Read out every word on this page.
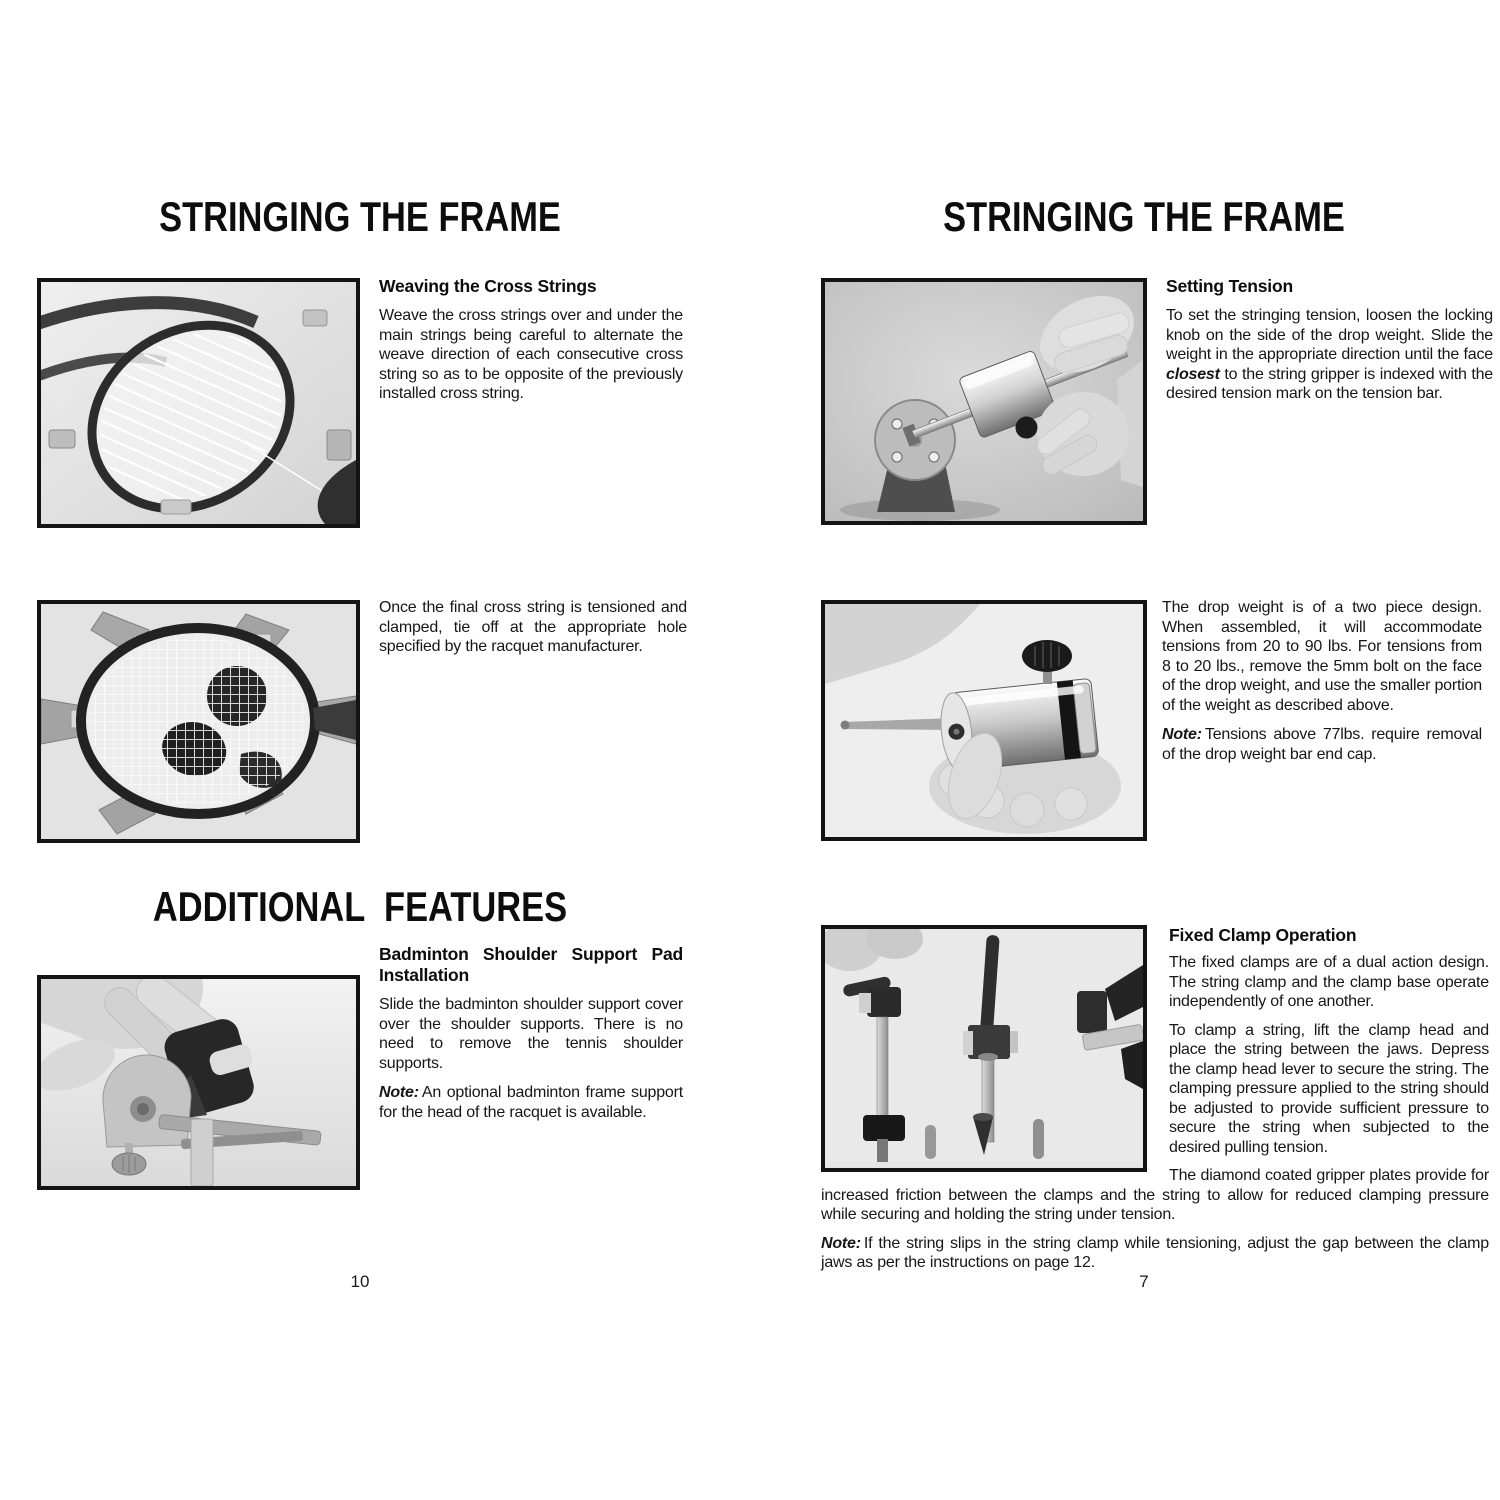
STRINGING THE FRAME
Weaving the Cross Strings

Weave the cross strings over and under the main strings being careful to alternate the weave direction of each consecutive cross string so as to be opposite of the previously installed cross string.

Once the final cross string is tensioned and clamped, tie off at the appropriate hole specified by the racquet manufacturer.

ADDITIONAL FEATURES
Badminton Shoulder Support Pad Installation

Slide the badminton shoulder support cover over the shoulder supports. There is no need to remove the tennis shoulder supports.

Note: An optional badminton frame support for the head of the racquet is available.

10
STRINGING THE FRAME
Setting Tension

To set the stringing tension, loosen the locking knob on the side of the drop weight. Slide the weight in the appropriate direction until the face closest to the string gripper is indexed with the desired tension mark on the tension bar.

The drop weight is of a two piece design. When assembled, it will accommodate tensions from 20 to 90 lbs. For tensions from 8 to 20 lbs., remove the 5mm bolt on the face of the drop weight, and use the smaller portion of the weight as described above.

Note: Tensions above 77lbs. require removal of the drop weight bar end cap.

Fixed Clamp Operation

The fixed clamps are of a dual action design. The string clamp and the clamp base operate independently of one another.

To clamp a string, lift the clamp head and place the string between the jaws. Depress the clamp head lever to secure the string. The clamping pressure applied to the string should be adjusted to provide sufficient pressure to secure the string when subjected to the desired pulling tension.

The diamond coated gripper plates provide for increased friction between the clamps and the string to allow for reduced clamping pressure while securing and holding the string under tension.

Note: If the string slips in the string clamp while tensioning, adjust the gap between the clamp jaws as per the instructions on page 12.

7
